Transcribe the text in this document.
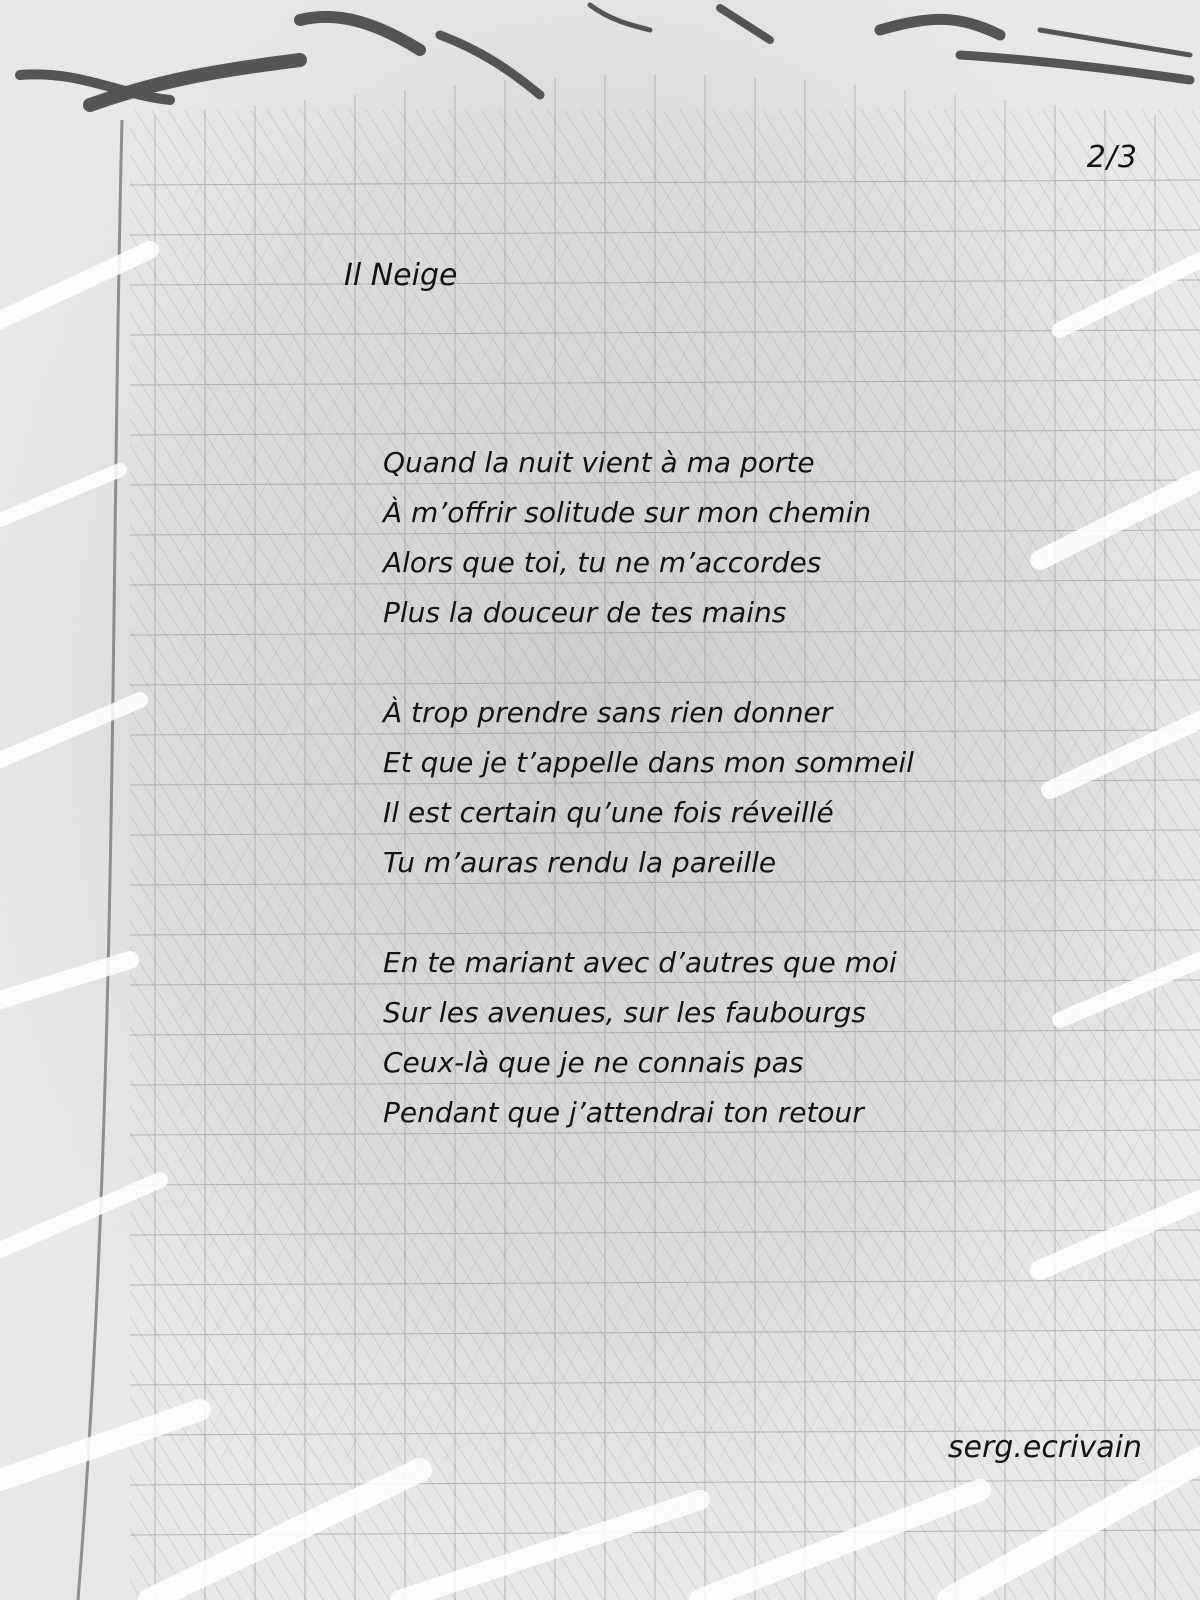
2/3

Il Neige
Quand la nuit vient à ma porte
À m’offrir solitude sur mon chemin
Alors que toi, tu ne m’accordes
Plus la douceur de tes mains
À trop prendre sans rien donner
Et que je t’appelle dans mon sommeil
Il est certain qu’une fois réveillé
Tu m’auras rendu la pareille
En te mariant avec d’autres que moi
Sur les avenues, sur les faubourgs
Ceux-là que je ne connais pas
Pendant que j’attendrai ton retour

serg.ecrivain
